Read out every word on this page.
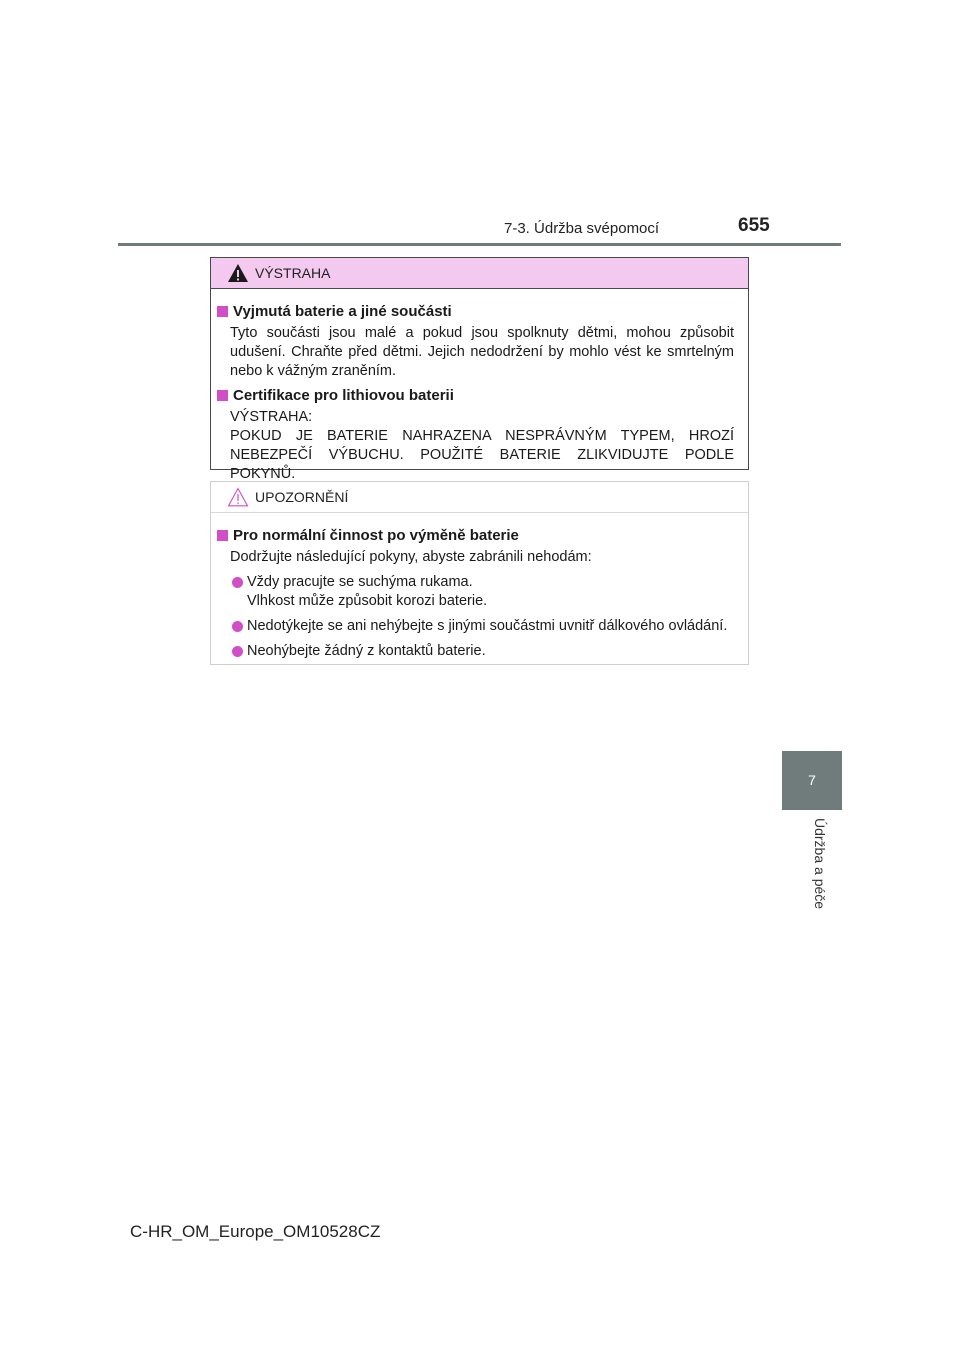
7-3. Údržba svépomocí	655
7
Údržba a péče
VÝSTRAHA
Vyjmutá baterie a jiné součásti
Tyto součásti jsou malé a pokud jsou spolknuty dětmi, mohou způsobit udušení. Chraňte před dětmi. Jejich nedodržení by mohlo vést ke smrtelným nebo k vážným zraněním.
Certifikace pro lithiovou baterii
VÝSTRAHA:
POKUD JE BATERIE NAHRAZENA NESPRÁVNÝM TYPEM, HROZÍ NEBEZPEČÍ VÝBUCHU. POUŽITÉ BATERIE ZLIKVIDUJTE PODLE POKYNŮ.
UPOZORNĚNÍ
Pro normální činnost po výměně baterie
Dodržujte následující pokyny, abyste zabránili nehodám:
Vždy pracujte se suchýma rukama.
Vlhkost může způsobit korozi baterie.
Nedotýkejte se ani nehýbejte s jinými součástmi uvnitř dálkového ovládání.
Neohýbejte žádný z kontaktů baterie.
C-HR_OM_Europe_OM10528CZ
